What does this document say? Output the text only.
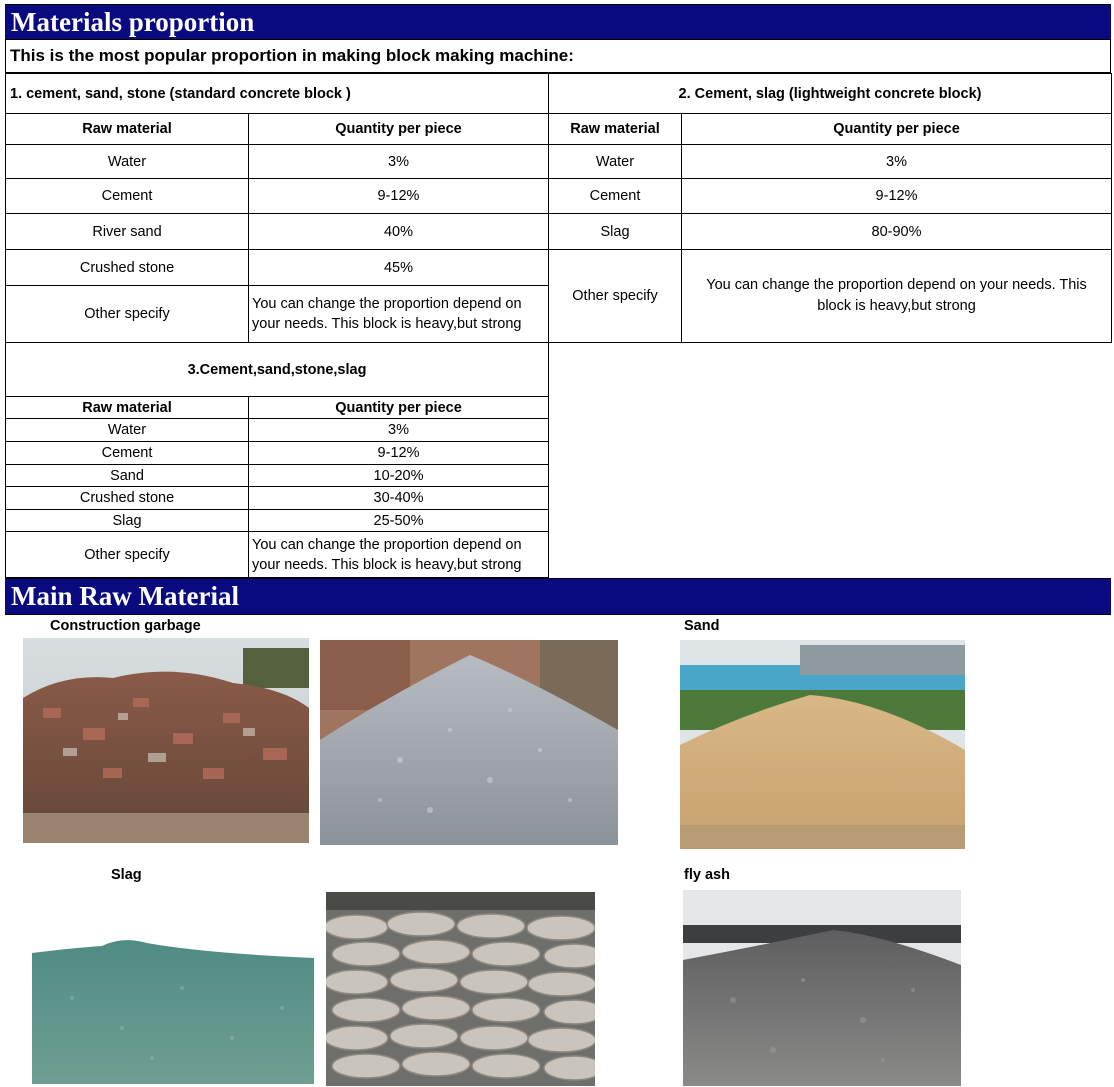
Materials proportion
This is the most popular proportion in making block making machine:
1. cement, sand, stone (standard concrete block )	
Raw material	Quantity per piece
Water	3%
Cement	9-12%
River sand	40%
Crushed stone	45%
Other specify	You can change the proportion depend on your needs. This block is heavy,but strong
2. Cement, slag (lightweight concrete block)	
Raw material	Quantity per piece
Water	3%
Cement	9-12%
Slag	80-90%
Other specify	You can change the proportion depend on your needs. This block is heavy,but strong
3.Cement,sand,stone,slag	
Raw material	Quantity per piece
Water	3%
Cement	9-12%
Sand	10-20%
Crushed stone	30-40%
Slag	25-50%
Other specify	You can change the proportion depend on your needs. This block is heavy,but strong
Main Raw Material
Construction garbage	Sand
Slag	fly ash
